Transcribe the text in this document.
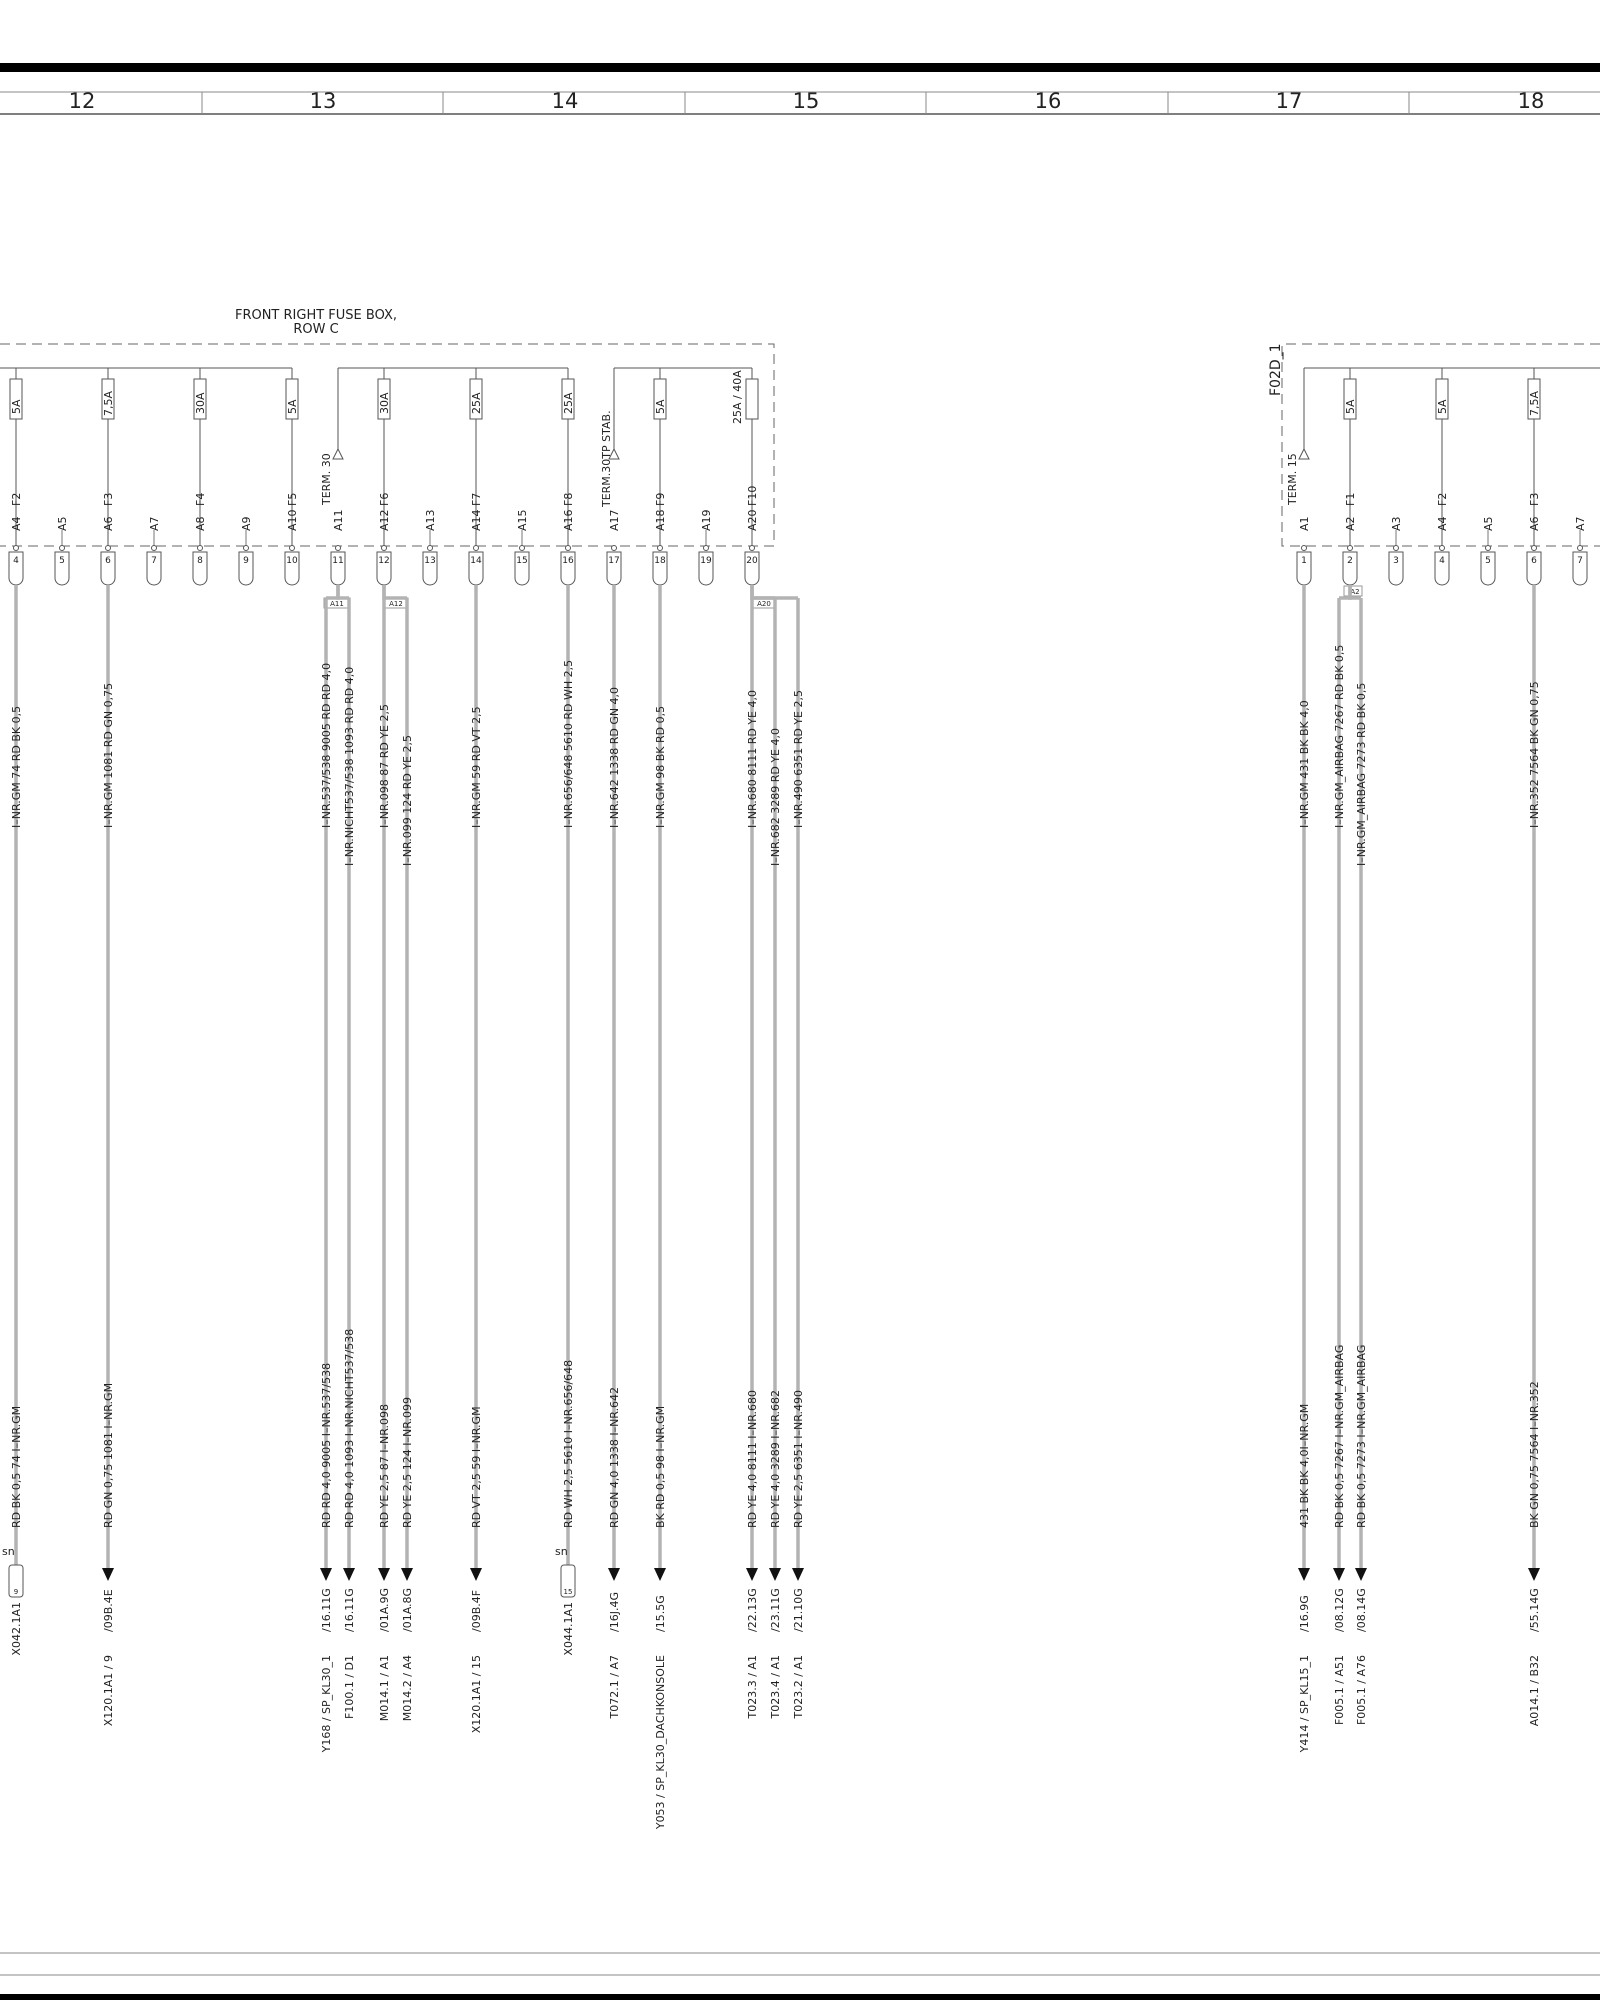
12	13	14	15	16	17	18
FRONT RIGHT FUSE BOX,
ROW C
TERM. 30	TERM.30TP STAB.
5A
F2
7,5A
F3
30A
F4
5A
F5
30A
F6
25A
F7
25A
F8
5A
F9
25A / 40A
F10
A11	A12	A20
F02D_1
TERM. 15
5A
F1
5A
F2
7,5A
F3
A2
A4
4
A5
5
A6
6
A7
7
A8
8
A9
9
A10
10
A11
11
A12
12
A13
13
A14
14
A15
15
A16
16
A17
17
A18
18
A19
19
A20
20
A1
1
A2
2
A3
3
A4
4
A5
5
A6
6
A7
7
I–NR.GM 74 RD BK 0,5
RD BK 0,5 74 I–NR.GM
X042.1A1
I–NR.GM 1081 RD GN 0,75
RD GN 0,75 1081 I–NR.GM
/09B.4E
X120.1A1 / 9
I–NR.537/538 9005 RD RD 4,0
RD RD 4,0 9005 I–NR.537/538
/16.11G
Y168 / SP_KL30_1
I–NR.NICHT537/538 1093 RD RD 4,0
RD RD 4,0 1093 I–NR.NICHT537/538
/16.11G
F100.1 / D1
I–NR.098 87 RD YE 2,5
RD YE 2,5 87 I–NR.098
/01A.9G
M014.1 / A1
I–NR.099 124 RD YE 2,5
RD YE 2,5 124 I–NR.099
/01A.8G
M014.2 / A4
I–NR.GM 59 RD VT 2,5
RD VT 2,5 59 I–NR.GM
/09B.4F
X120.1A1 / 15
I–NR.656/648 5610 RD WH 2,5
RD WH 2,5 5610 I–NR.656/648
X044.1A1
I–NR.642 1338 RD GN 4,0
RD GN 4,0 1338 I–NR.642
/16J.4G
T072.1 / A7
I–NR.GM 98 BK RD 0,5
BK RD 0,5 98 I–NR.GM
/15.5G
Y053 / SP_KL30_DACHKONSOLE
I–NR.680 8111 RD YE 4,0
RD YE 4,0 8111 I–NR.680
/22.13G
T023.3 / A1
I–NR.682 3289 RD YE 4,0
RD YE 4,0 3289 I–NR.682
/23.11G
T023.4 / A1
I–NR.490 6351 RD YE 2,5
RD YE 2,5 6351 I–NR.490
/21.10G
T023.2 / A1
I–NR.GM 431 BK BK 4,0
431 BK BK 4,0I–NR.GM
/16.9G
Y414 / SP_KL15_1
I–NR.GM_AIRBAG 7267 RD BK 0,5
RD BK 0,5 7267 I–NR.GM_AIRBAG
/08.12G
F005.1 / A51
I–NR.GM_AIRBAG 7273 RD BK 0,5
RD BK 0,5 7273 I–NR.GM_AIRBAG
/08.14G
F005.1 / A76
I–NR.352 7564 BK GN 0,75
BK GN 0,75 7564 I–NR.352
/55.14G
A014.1 / B32
sn
9
sn
15
